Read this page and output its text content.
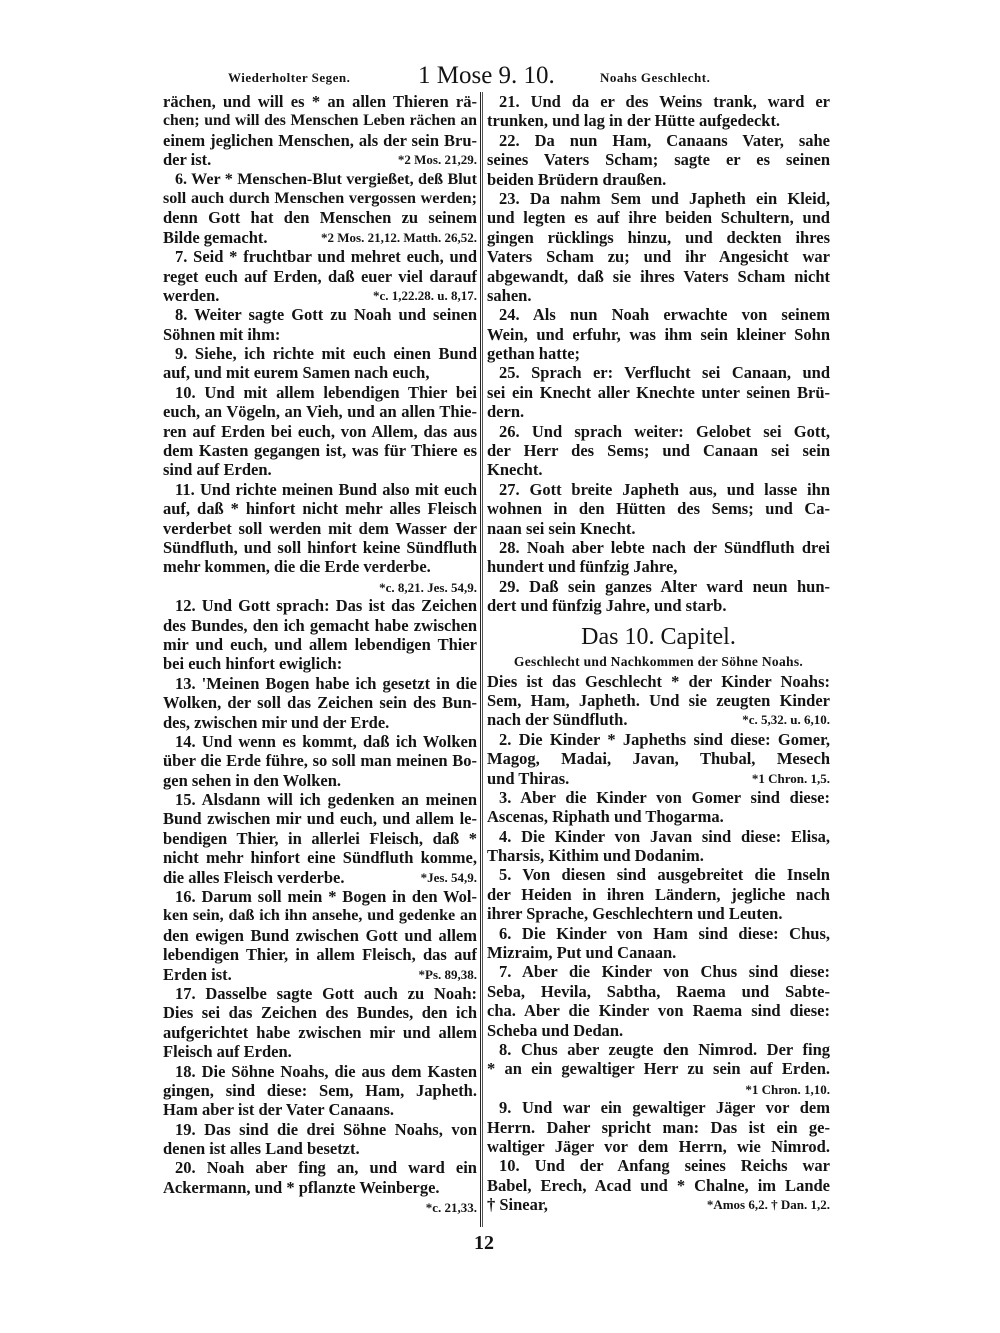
Wiederholter Segen.	1 Mose 9. 10.	Noahs Geschlecht.
rächen, und will es * an allen Thieren rä-
chen; und will des Menschen Leben rächen an
einem jeglichen Menschen, als der sein Bru-
der ist.	*2 Mos. 21,29.
6. Wer * Menschen-Blut vergießet, deß Blut
soll auch durch Menschen vergossen werden;
denn Gott hat den Menschen zu seinem
Bilde gemacht.	*2 Mos. 21,12. Matth. 26,52.
7. Seid * fruchtbar und mehret euch, und
reget euch auf Erden, daß euer viel darauf
werden.	*c. 1,22.28. u. 8,17.
8. Weiter sagte Gott zu Noah und seinen
Söhnen mit ihm:
9. Siehe, ich richte mit euch einen Bund
auf, und mit eurem Samen nach euch,
10. Und mit allem lebendigen Thier bei
euch, an Vögeln, an Vieh, und an allen Thie-
ren auf Erden bei euch, von Allem, das aus
dem Kasten gegangen ist, was für Thiere es
sind auf Erden.
11. Und richte meinen Bund also mit euch
auf, daß * hinfort nicht mehr alles Fleisch
verderbet soll werden mit dem Wasser der
Sündfluth, und soll hinfort keine Sündfluth
mehr kommen, die die Erde verderbe.
*c. 8,21. Jes. 54,9.
12. Und Gott sprach: Das ist das Zeichen
des Bundes, den ich gemacht habe zwischen
mir und euch, und allem lebendigen Thier
bei euch hinfort ewiglich:
13. 'Meinen Bogen habe ich gesetzt in die
Wolken, der soll das Zeichen sein des Bun-
des, zwischen mir und der Erde.
14. Und wenn es kommt, daß ich Wolken
über die Erde führe, so soll man meinen Bo-
gen sehen in den Wolken.
15. Alsdann will ich gedenken an meinen
Bund zwischen mir und euch, und allem le-
bendigen Thier, in allerlei Fleisch, daß *
nicht mehr hinfort eine Sündfluth komme,
die alles Fleisch verderbe.	*Jes. 54,9.
16. Darum soll mein * Bogen in den Wol-
ken sein, daß ich ihn ansehe, und gedenke an
den ewigen Bund zwischen Gott und allem
lebendigen Thier, in allem Fleisch, das auf
Erden ist.	*Ps. 89,38.
17. Dasselbe sagte Gott auch zu Noah:
Dies sei das Zeichen des Bundes, den ich
aufgerichtet habe zwischen mir und allem
Fleisch auf Erden.
18. Die Söhne Noahs, die aus dem Kasten
gingen, sind diese: Sem, Ham, Japheth.
Ham aber ist der Vater Canaans.
19. Das sind die drei Söhne Noahs, von
denen ist alles Land besetzt.
20. Noah aber fing an, und ward ein
Ackermann, und * pflanzte Weinberge.
*c. 21,33.
21. Und da er des Weins trank, ward er
trunken, und lag in der Hütte aufgedeckt.
22. Da nun Ham, Canaans Vater, sahe
seines Vaters Scham; sagte er es seinen
beiden Brüdern draußen.
23. Da nahm Sem und Japheth ein Kleid,
und legten es auf ihre beiden Schultern, und
gingen rücklings hinzu, und deckten ihres
Vaters Scham zu; und ihr Angesicht war
abgewandt, daß sie ihres Vaters Scham nicht
sahen.
24. Als nun Noah erwachte von seinem
Wein, und erfuhr, was ihm sein kleiner Sohn
gethan hatte;
25. Sprach er: Verflucht sei Canaan, und
sei ein Knecht aller Knechte unter seinen Brü-
dern.
26. Und sprach weiter: Gelobet sei Gott,
der Herr des Sems; und Canaan sei sein
Knecht.
27. Gott breite Japheth aus, und lasse ihn
wohnen in den Hütten des Sems; und Ca-
naan sei sein Knecht.
28. Noah aber lebte nach der Sündfluth drei
hundert und fünfzig Jahre,
29. Daß sein ganzes Alter ward neun hun-
dert und fünfzig Jahre, und starb.
Das 10. Capitel.
Geschlecht und Nachkommen der Söhne Noahs.
Dies ist das Geschlecht * der Kinder Noahs:
Sem, Ham, Japheth. Und sie zeugten Kinder
nach der Sündfluth.	*c. 5,32. u. 6,10.
2. Die Kinder * Japheths sind diese: Gomer,
Magog, Madai, Javan, Thubal, Mesech
und Thiras.	*1 Chron. 1,5.
3. Aber die Kinder von Gomer sind diese:
Ascenas, Riphath und Thogarma.
4. Die Kinder von Javan sind diese: Elisa,
Tharsis, Kithim und Dodanim.
5. Von diesen sind ausgebreitet die Inseln
der Heiden in ihren Ländern, jegliche nach
ihrer Sprache, Geschlechtern und Leuten.
6. Die Kinder von Ham sind diese: Chus,
Mizraim, Put und Canaan.
7. Aber die Kinder von Chus sind diese:
Seba, Hevila, Sabtha, Raema und Sabte-
cha. Aber die Kinder von Raema sind diese:
Scheba und Dedan.
8. Chus aber zeugte den Nimrod. Der fing
* an ein gewaltiger Herr zu sein auf Erden.
*1 Chron. 1,10.
9. Und war ein gewaltiger Jäger vor dem
Herrn. Daher spricht man: Das ist ein ge-
waltiger Jäger vor dem Herrn, wie Nimrod.
10. Und der Anfang seines Reichs war
Babel, Erech, Acad und * Chalne, im Lande
† Sinear,	*Amos 6,2. † Dan. 1,2.
12
